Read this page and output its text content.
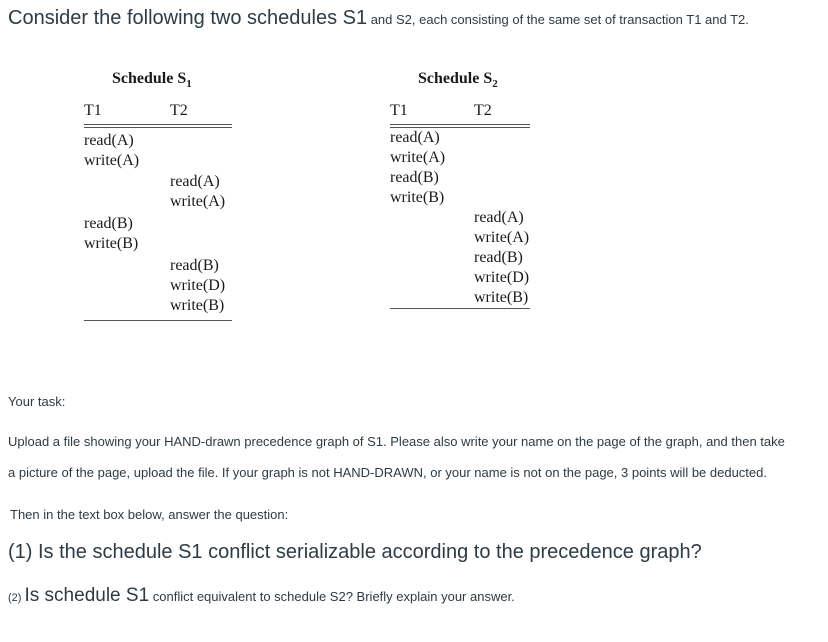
Consider the following two schedules S1 and S2, each consisting of the same set of transaction T1 and T2.
Schedule $S_1$
T1	T2
read(A)
write(A)
read(A)
write(A)
read(B)
write(B)
read(B)
write(D)
write(B)
Schedule $S_2$
T1	T2
read(A)
write(A)
read(B)
write(B)
read(A)
write(A)
read(B)
write(D)
write(B)
Your task:
Upload a file showing your HAND-drawn precedence graph of S1. Please also write your name on the page of the graph, and then take
a picture of the page, upload the file. If your graph is not HAND-DRAWN, or your name is not on the page, 3 points will be deducted.
Then in the text box below, answer the question:
(1) Is the schedule S1 conflict serializable according to the precedence graph?
(2) Is schedule S1 conflict equivalent to schedule S2? Briefly explain your answer.
